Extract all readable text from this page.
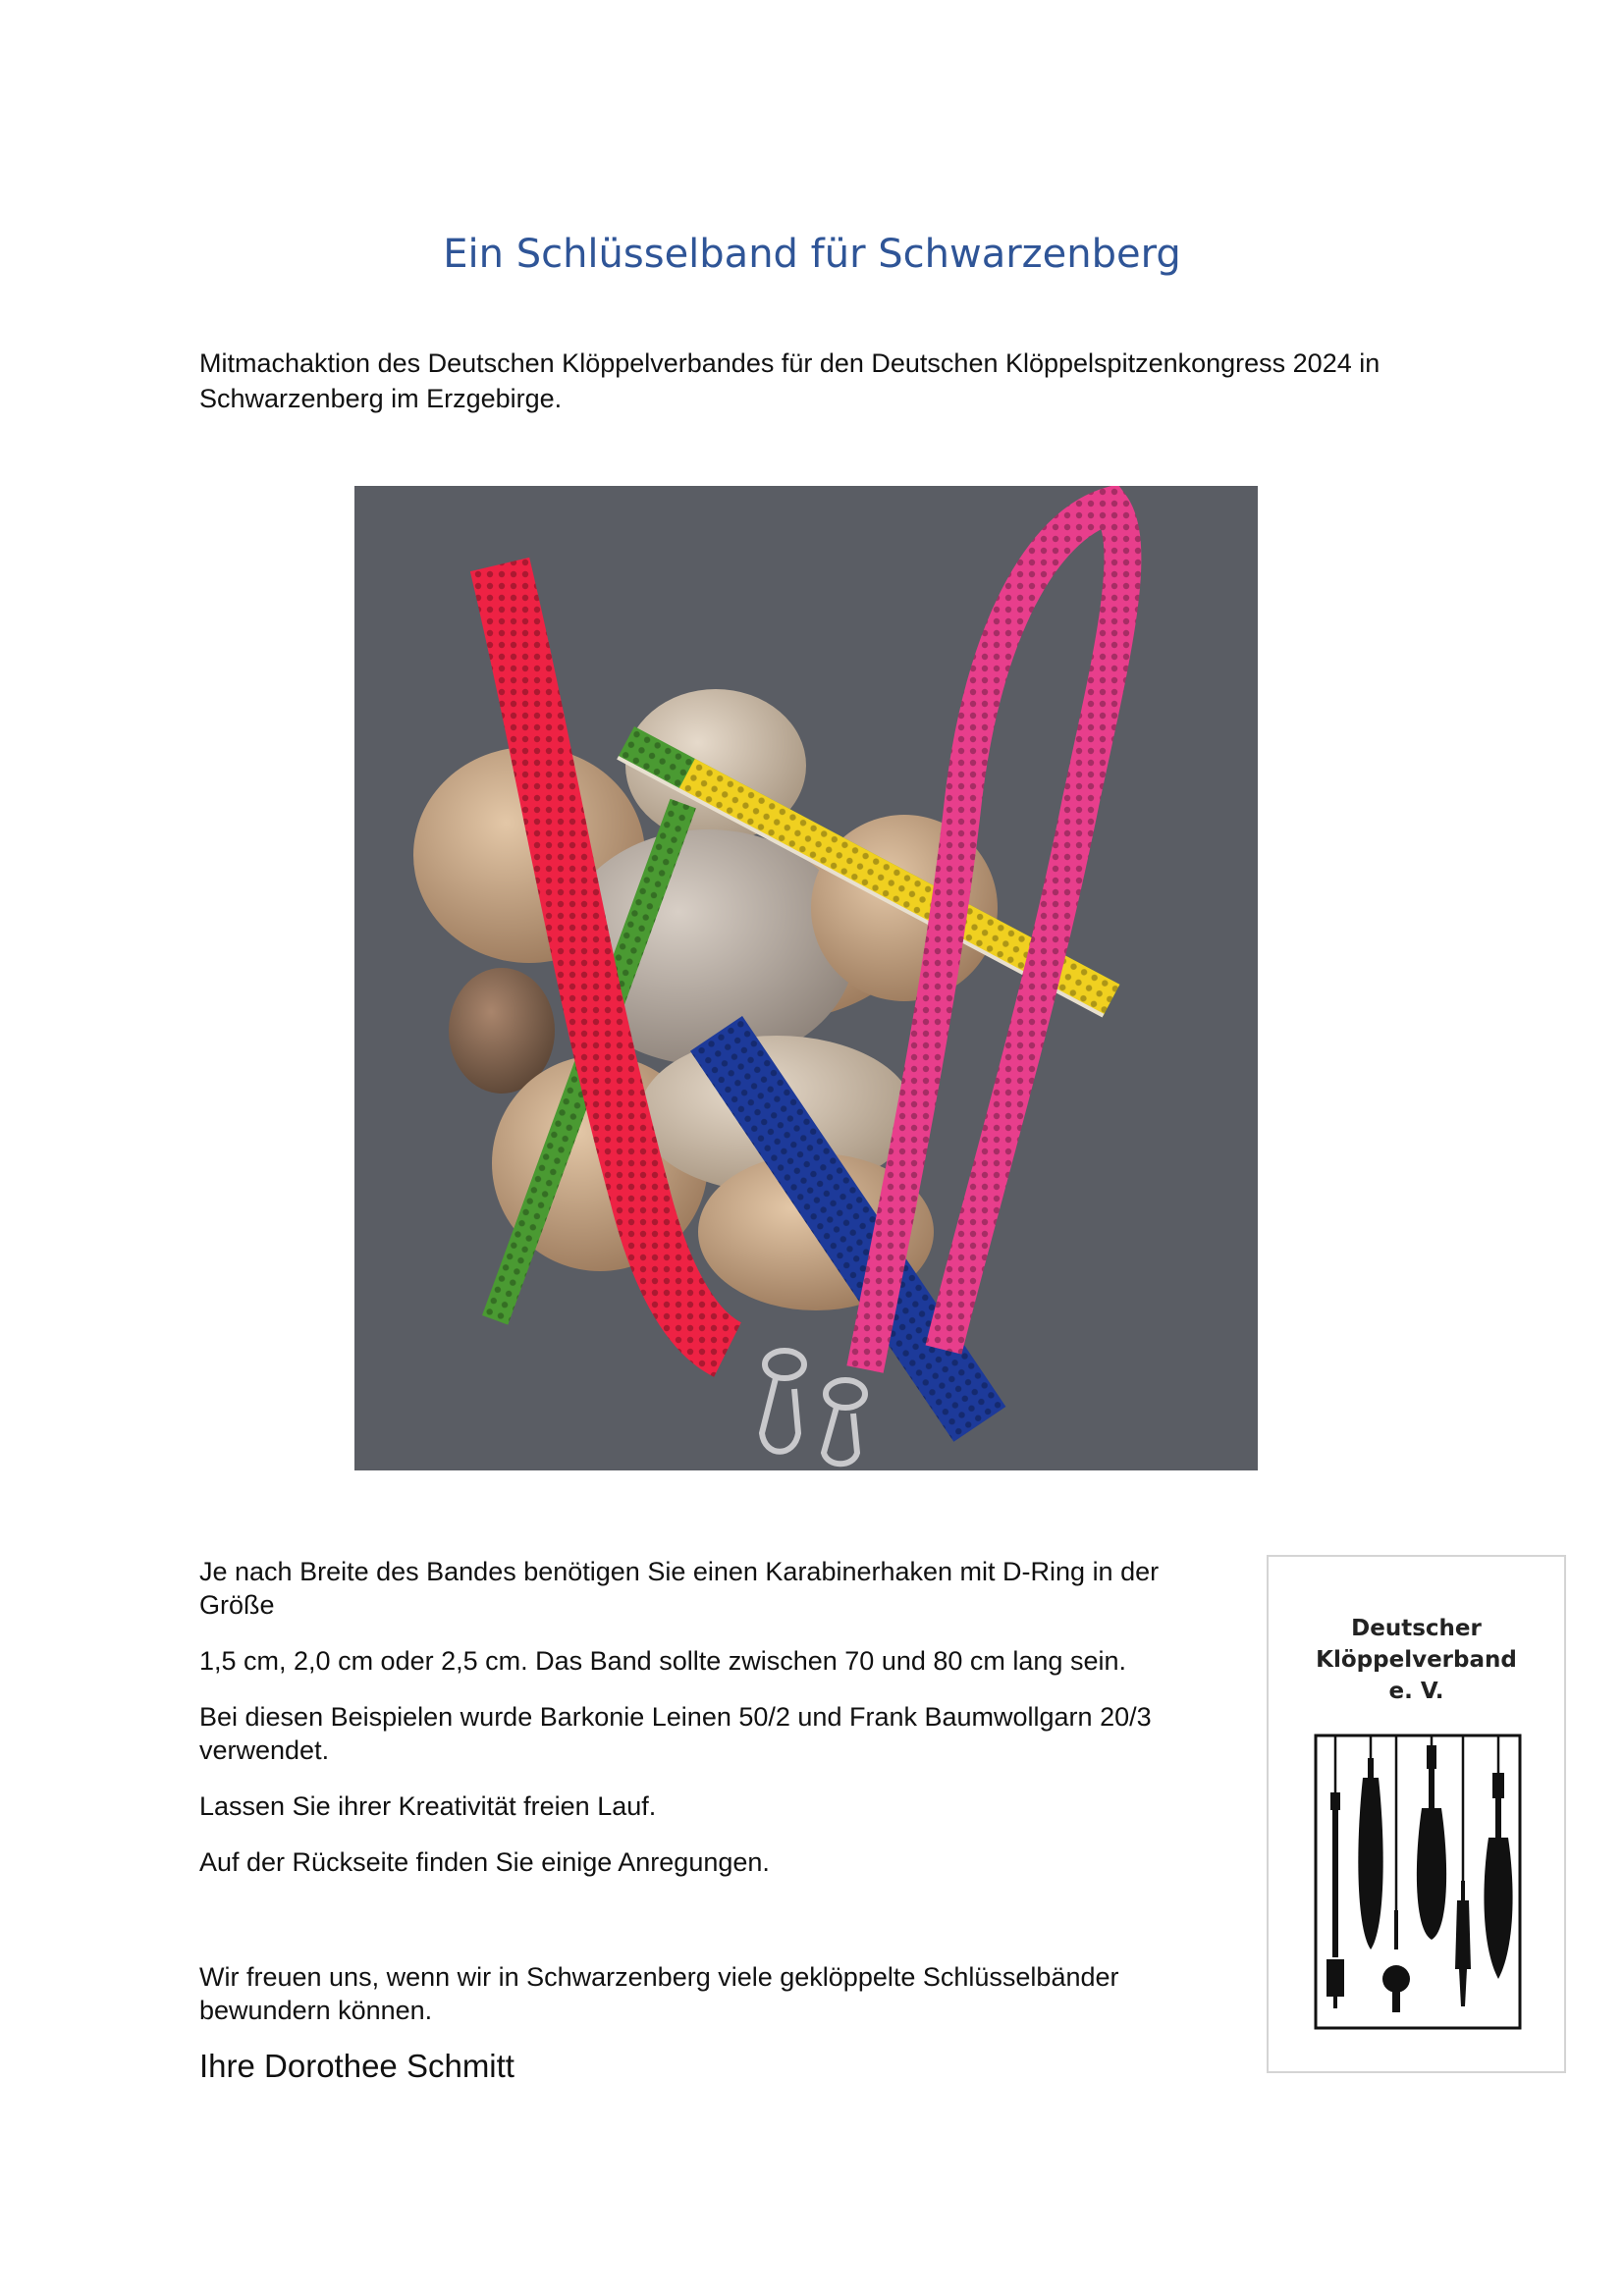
Ein Schlüsselband für Schwarzenberg

Mitmachaktion des Deutschen Klöppelverbandes für den Deutschen Klöppelspitzenkongress 2024 in Schwarzenberg im Erzgebirge.

Je nach Breite des Bandes benötigen Sie einen Karabinerhaken mit D-Ring in der Größe

1,5 cm, 2,0 cm oder 2,5 cm. Das Band sollte zwischen 70 und 80 cm lang sein.

Bei diesen Beispielen wurde Barkonie Leinen 50/2 und Frank Baumwollgarn 20/3 verwendet.

Lassen Sie ihrer Kreativität freien Lauf.

Auf der Rückseite finden Sie einige Anregungen.

Wir freuen uns, wenn wir in Schwarzenberg viele geklöppelte Schlüsselbänder bewundern können.

Ihre Dorothee Schmitt

Deutscher
Klöppelverband
e. V.
